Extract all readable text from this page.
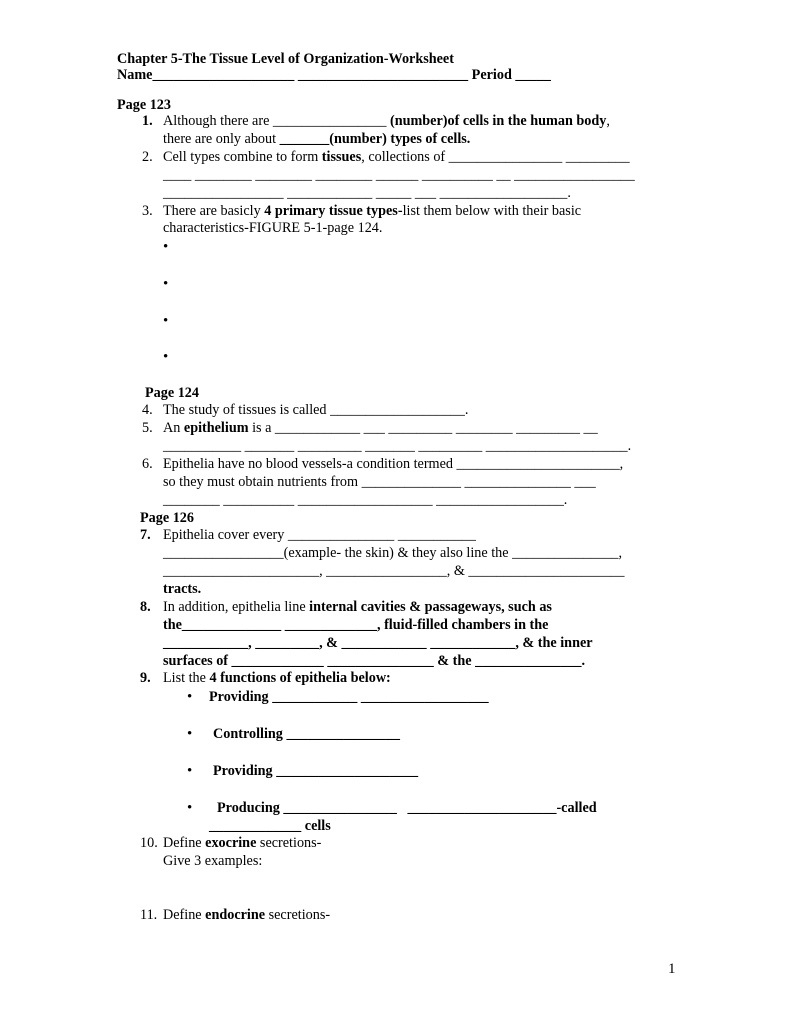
Chapter 5-The Tissue Level of Organization-Worksheet
Name____________________ ________________________ Period _____
Page 123
1. Although there are ________________ (number)of cells in the human body,
there are only about _______(number) types of cells.
2. Cell types combine to form tissues, collections of ________________ _________
____ ________ ________ ________ ______ __________ __ _________________
_________________ ____________ _____ ___ __________________.
3. There are basicly 4 primary tissue types-list them below with their basic
characteristics-FIGURE 5-1-page 124.
•
•
•
•
Page 124
4. The study of tissues is called ___________________.
5. An epithelium is a ____________ ___ _________ ________ _________ __
___________ _______ _________ _______ _________ ____________________.
6. Epithelia have no blood vessels-a condition termed _______________________,
so they must obtain nutrients from ______________ _______________ ___
________ __________ ___________________ __________________.
Page 126
7. Epithelia cover every _______________ ___________
_________________(example- the skin) & they also line the _______________,
______________________, _________________, & ______________________
tracts.
8. In addition, epithelia line internal cavities & passageways, such as
the______________ _____________, fluid-filled chambers in the
____________, _________, & ____________ ____________, & the inner
surfaces of _____________ _______________ & the _______________.
9. List the 4 functions of epithelia below:
• Providing ____________ __________________
• Controlling ________________
• Providing ____________________
• Producing ________________   _____________________-called
_____________ cells
10. Define exocrine secretions-
Give 3 examples:
11. Define endocrine secretions-
1
